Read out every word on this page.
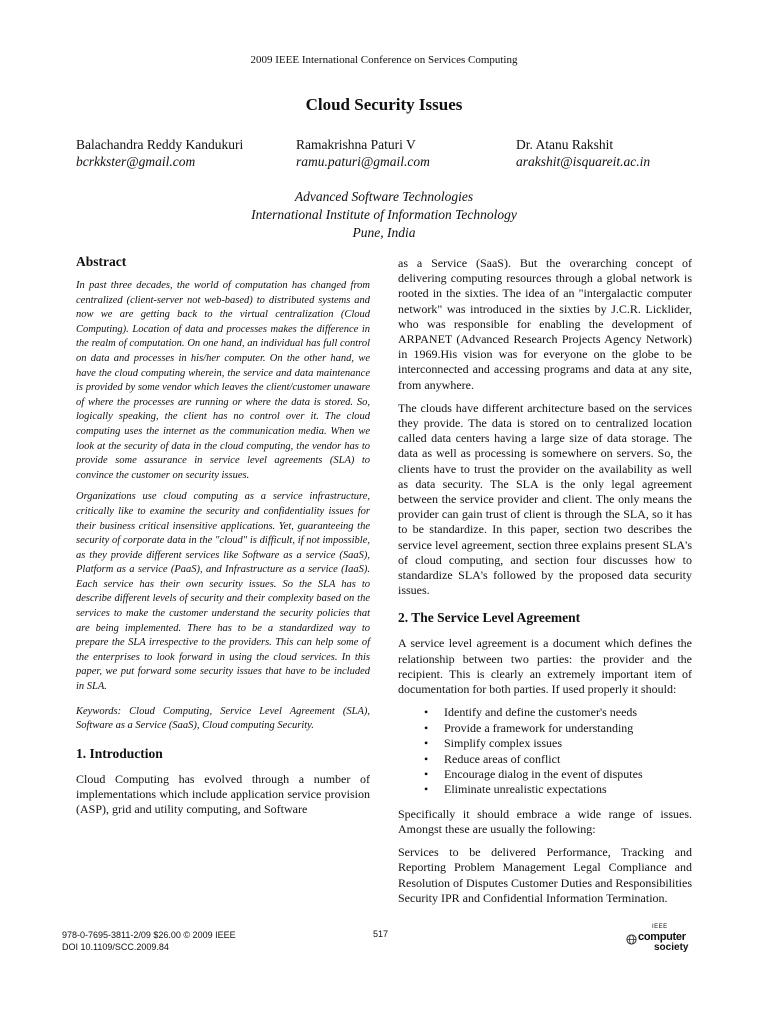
2009 IEEE International Conference on Services Computing
Cloud Security Issues
Balachandra Reddy Kandukuri
bcrkkster@gmail.com
Ramakrishna Paturi V
ramu.paturi@gmail.com
Dr. Atanu Rakshit
arakshit@isquareit.ac.in
Advanced Software Technologies
International Institute of Information Technology
Pune, India
Abstract

In past three decades, the world of computation has changed from centralized (client-server not web-based) to distributed systems and now we are getting back to the virtual centralization (Cloud Computing). Location of data and processes makes the difference in the realm of computation. On one hand, an individual has full control on data and processes in his/her computer. On the other hand, we have the cloud computing wherein, the service and data maintenance is provided by some vendor which leaves the client/customer unaware of where the processes are running or where the data is stored. So, logically speaking, the client has no control over it. The cloud computing uses the internet as the communication media. When we look at the security of data in the cloud computing, the vendor has to provide some assurance in service level agreements (SLA) to convince the customer on security issues.

Organizations use cloud computing as a service infrastructure, critically like to examine the security and confidentiality issues for their business critical insensitive applications. Yet, guaranteeing the security of corporate data in the "cloud" is difficult, if not impossible, as they provide different services like Software as a service (SaaS), Platform as a service (PaaS), and Infrastructure as a service (IaaS). Each service has their own security issues. So the SLA has to describe different levels of security and their complexity based on the services to make the customer understand the security policies that are being implemented. There has to be a standardized way to prepare the SLA irrespective to the providers. This can help some of the enterprises to look forward in using the cloud services. In this paper, we put forward some security issues that have to be included in SLA.

Keywords: Cloud Computing, Service Level Agreement (SLA), Software as a Service (SaaS), Cloud computing Security.

1. Introduction

Cloud Computing has evolved through a number of implementations which include application service provision (ASP), grid and utility computing, and Software

as a Service (SaaS). But the overarching concept of delivering computing resources through a global network is rooted in the sixties. The idea of an "intergalactic computer network" was introduced in the sixties by J.C.R. Licklider, who was responsible for enabling the development of ARPANET (Advanced Research Projects Agency Network) in 1969.His vision was for everyone on the globe to be interconnected and accessing programs and data at any site, from anywhere.

The clouds have different architecture based on the services they provide. The data is stored on to centralized location called data centers having a large size of data storage. The data as well as processing is somewhere on servers. So, the clients have to trust the provider on the availability as well as data security. The SLA is the only legal agreement between the service provider and client. The only means the provider can gain trust of client is through the SLA, so it has to be standardize. In this paper, section two describes the service level agreement, section three explains present SLA's of cloud computing, and section four discusses how to standardize SLA's followed by the proposed data security issues.

2. The Service Level Agreement

A service level agreement is a document which defines the relationship between two parties: the provider and the recipient. This is clearly an extremely important item of documentation for both parties. If used properly it should:

• Identify and define the customer's needs
• Provide a framework for understanding
• Simplify complex issues
• Reduce areas of conflict
• Encourage dialog in the event of disputes
• Eliminate unrealistic expectations

Specifically it should embrace a wide range of issues. Amongst these are usually the following:

Services to be delivered Performance, Tracking and Reporting Problem Management Legal Compliance and Resolution of Disputes Customer Duties and Responsibilities Security IPR and Confidential Information Termination.

978-0-7695-3811-2/09 $26.00 © 2009 IEEE
DOI 10.1109/SCC.2009.84
517
IEEE
computer
society
